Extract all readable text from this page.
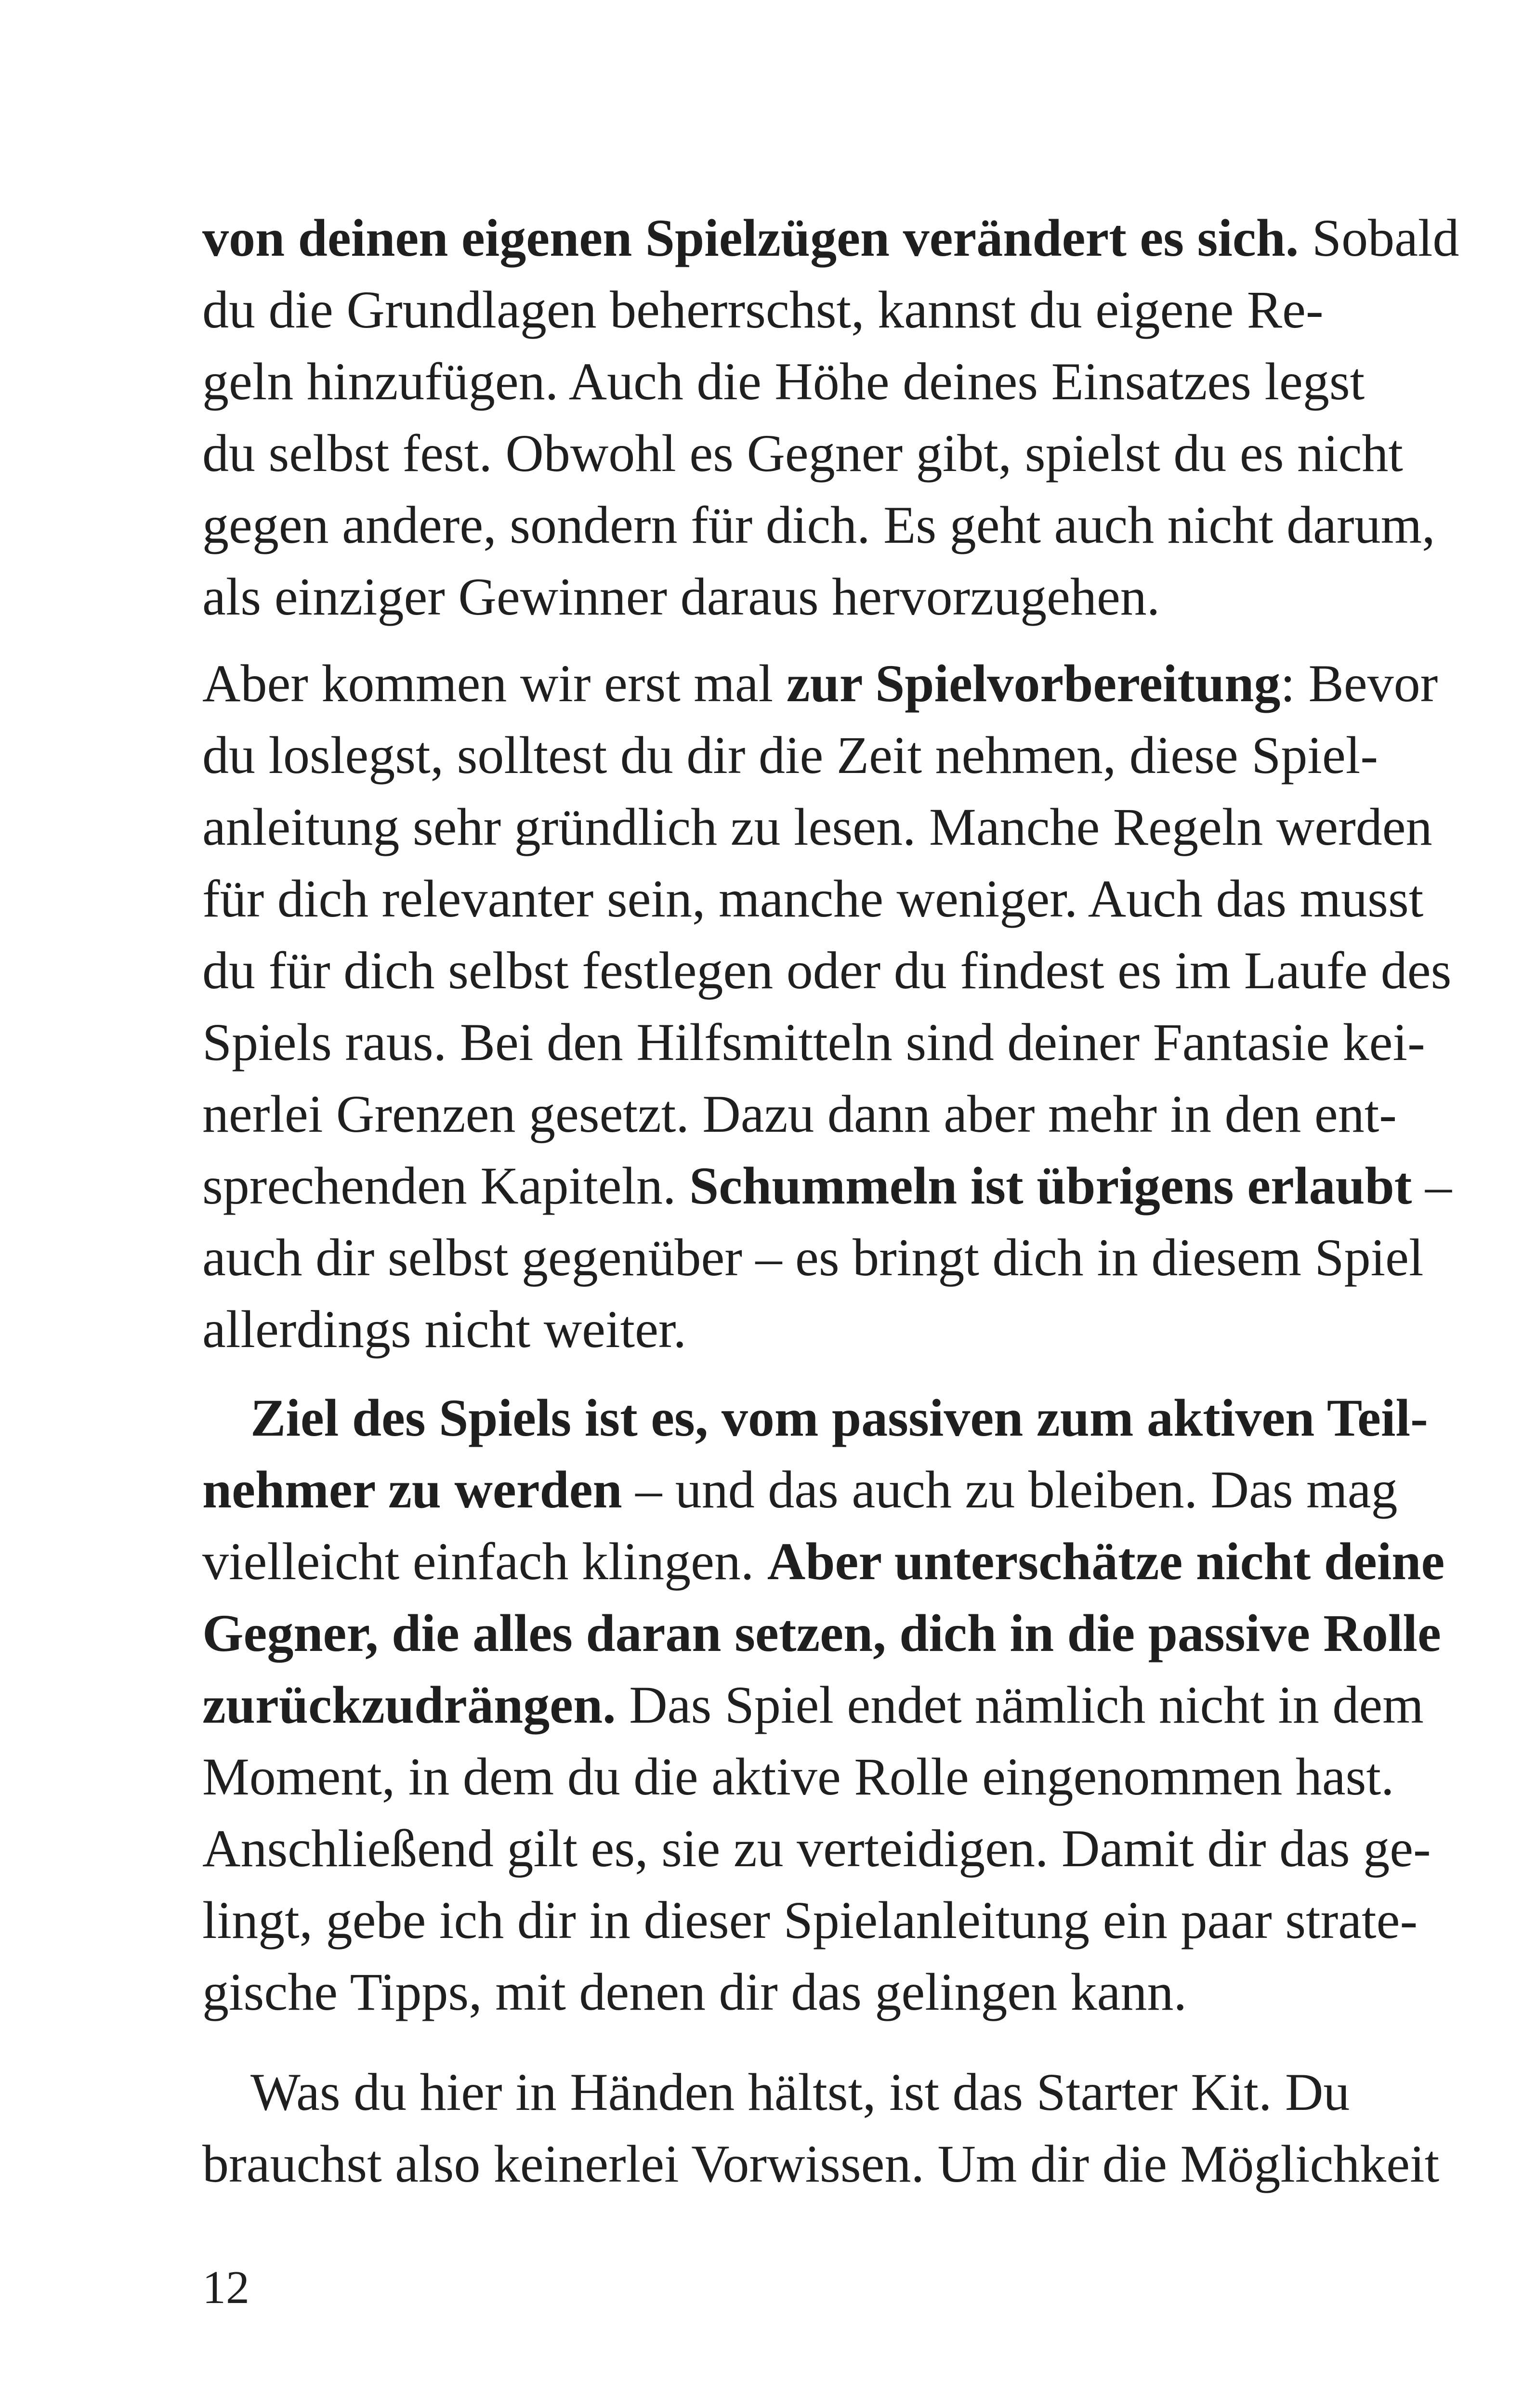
von deinen eigenen Spielzügen verändert es sich. Sobald
du die Grundlagen beherrschst, kannst du eigene Re-
geln hinzufügen. Auch die Höhe deines Einsatzes legst
du selbst fest. Obwohl es Gegner gibt, spielst du es nicht
gegen andere, sondern für dich. Es geht auch nicht darum,
als einziger Gewinner daraus hervorzugehen.
Aber kommen wir erst mal zur Spielvorbereitung: Bevor
du loslegst, solltest du dir die Zeit nehmen, diese Spiel-
anleitung sehr gründlich zu lesen. Manche Regeln werden
für dich relevanter sein, manche weniger. Auch das musst
du für dich selbst festlegen oder du findest es im Laufe des
Spiels raus. Bei den Hilfsmitteln sind deiner Fantasie kei-
nerlei Grenzen gesetzt. Dazu dann aber mehr in den ent-
sprechenden Kapiteln. Schummeln ist übrigens erlaubt –
auch dir selbst gegenüber – es bringt dich in diesem Spiel
allerdings nicht weiter.
Ziel des Spiels ist es, vom passiven zum aktiven Teil-
nehmer zu werden – und das auch zu bleiben. Das mag
vielleicht einfach klingen. Aber unterschätze nicht deine
Gegner, die alles daran setzen, dich in die passive Rolle
zurückzudrängen. Das Spiel endet nämlich nicht in dem
Moment, in dem du die aktive Rolle eingenommen hast.
Anschließend gilt es, sie zu verteidigen. Damit dir das ge-
lingt, gebe ich dir in dieser Spielanleitung ein paar strate-
gische Tipps, mit denen dir das gelingen kann.
Was du hier in Händen hältst, ist das Starter Kit. Du
brauchst also keinerlei Vorwissen. Um dir die Möglichkeit
12
